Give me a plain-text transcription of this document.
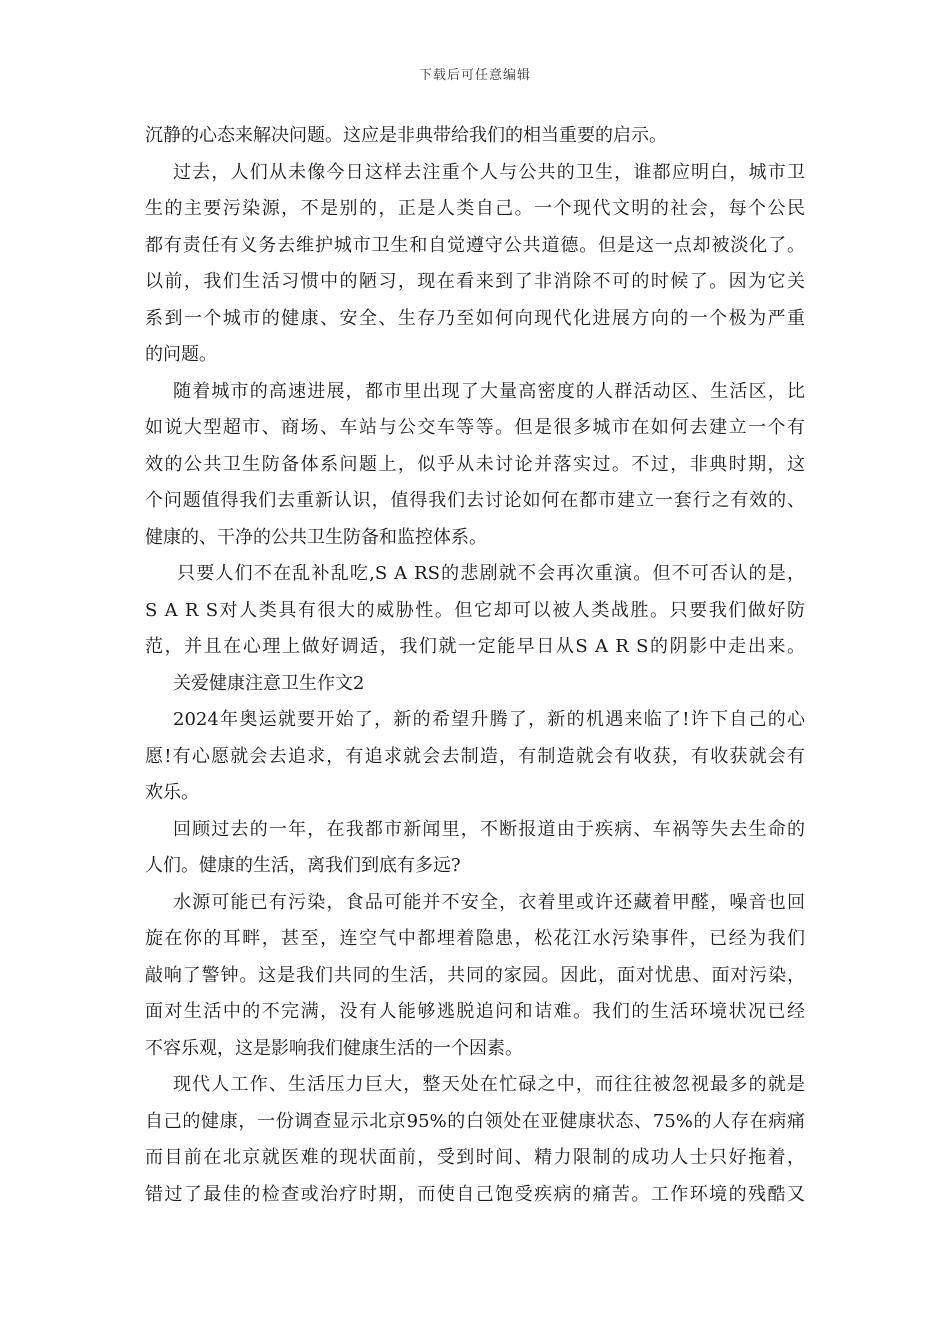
下载后可任意编辑
沉静的心态来解决问题。这应是非典带给我们的相当重要的启示。
过去，人们从未像今日这样去注重个人与公共的卫生，谁都应明白，城市卫
生的主要污染源，不是别的，正是人类自己。一个现代文明的社会，每个公民
都有责任有义务去维护城市卫生和自觉遵守公共道德。但是这一点却被淡化了。
以前，我们生活习惯中的陋习，现在看来到了非消除不可的时候了。因为它关
系到一个城市的健康、安全、生存乃至如何向现代化进展方向的一个极为严重
的问题。
随着城市的高速进展，都市里出现了大量高密度的人群活动区、生活区，比
如说大型超市、商场、车站与公交车等等。但是很多城市在如何去建立一个有
效的公共卫生防备体系问题上，似乎从未讨论并落实过。不过，非典时期，这
个问题值得我们去重新认识，值得我们去讨论如何在都市建立一套行之有效的、
健康的、干净的公共卫生防备和监控体系。
只要人们不在乱补乱吃,S A RS的悲剧就不会再次重演。但不可否认的是，
S A R S对人类具有很大的威胁性。但它却可以被人类战胜。只要我们做好防
范，并且在心理上做好调适，我们就一定能早日从S A R S的阴影中走出来。
关爱健康注意卫生作文2
2024年奥运就要开始了，新的希望升腾了，新的机遇来临了!许下自己的心
愿!有心愿就会去追求，有追求就会去制造，有制造就会有收获，有收获就会有
欢乐。
回顾过去的一年，在我都市新闻里，不断报道由于疾病、车祸等失去生命的
人们。健康的生活，离我们到底有多远?
水源可能已有污染，食品可能并不安全，衣着里或许还藏着甲醛，噪音也回
旋在你的耳畔，甚至，连空气中都埋着隐患，松花江水污染事件，已经为我们
敲响了警钟。这是我们共同的生活，共同的家园。因此，面对忧患、面对污染，
面对生活中的不完满，没有人能够逃脱追问和诘难。我们的生活环境状况已经
不容乐观，这是影响我们健康生活的一个因素。
现代人工作、生活压力巨大，整天处在忙碌之中，而往往被忽视最多的就是
自己的健康，一份调查显示北京95%的白领处在亚健康状态、75%的人存在病痛
而目前在北京就医难的现状面前，受到时间、精力限制的成功人士只好拖着，
错过了最佳的检查或治疗时期，而使自己饱受疾病的痛苦。工作环境的残酷又
